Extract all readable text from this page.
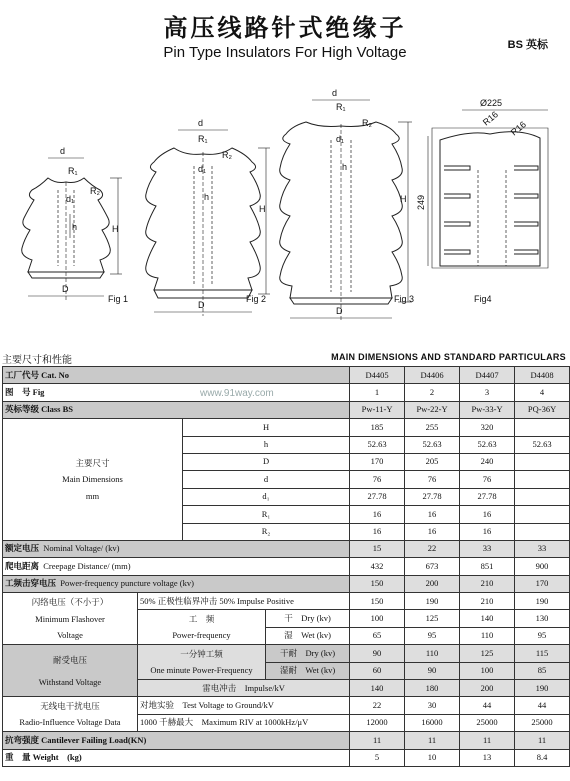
高压线路针式绝缘子
Pin Type Insulators For High Voltage	BS 英标
d
R₁
R₂
d₁
h	H
D
Fig 1
d
R₁
R₂
d₁
h
H
D
Fig 2
d
R₁
R₂
d₁
h
H
D
Fig 3
Ø225
R16
R16
249
Fig4
主要尺寸和性能	MAIN DIMENSIONS AND STANDARD PARTICULARS
工厂代号 Cat. No				D4405	D4406	D4407	D4408
图　号 Fig				1	2	3	4
英标等级 Class BS				Pw-11-Y	Pw-22-Y	Pw-33-Y	PQ-36Y
主要尺寸
Main Dimensions
mm		H		185	255	320	
		h		52.63	52.63	52.63	52.63
		D		170	205	240	
		d		76	76	76	
		d₁		27.78	27.78	27.78	
		R₁		16	16	16	
		R₂		16	16	16	
额定电压 Nominal Voltage/ (kv)				15	22	33	33
爬电距离 Creepage Distance/ (mm)				432	673	851	900
工频击穿电压 Power-frequency puncture voltage (kv)				150	200	210	170
闪络电压（不小于）
Minimum Flashover
Voltage	50% 正极性临界冲击 50% Impulse Positive			150	190	210	190
	工　频
Power-frequency		干　Dry (kv)	100	125	140	130
			湿　Wet (kv)	65	95	110	95
耐受电压
Withstand Voltage	一分钟工频
One minute Power-Frequency		干耐　Dry (kv)	90	110	125	115
			湿耐　Wet (kv)	60	90	100	85
	雷电冲击　Impulse/kV			140	180	200	190
无线电干扰电压
Radio-Influence Voltage Data	对地实验　Test Voltage to Ground/kV			22	30	44	44
	1000 千赫最大　Maximum RIV at 1000kHz/μV			12000	16000	25000	25000
抗弯强度 Cantilever Failing Load(KN)				11	11	11	11
重　量 Weight　(kg)				5	10	13	8.4
www.91way.com
